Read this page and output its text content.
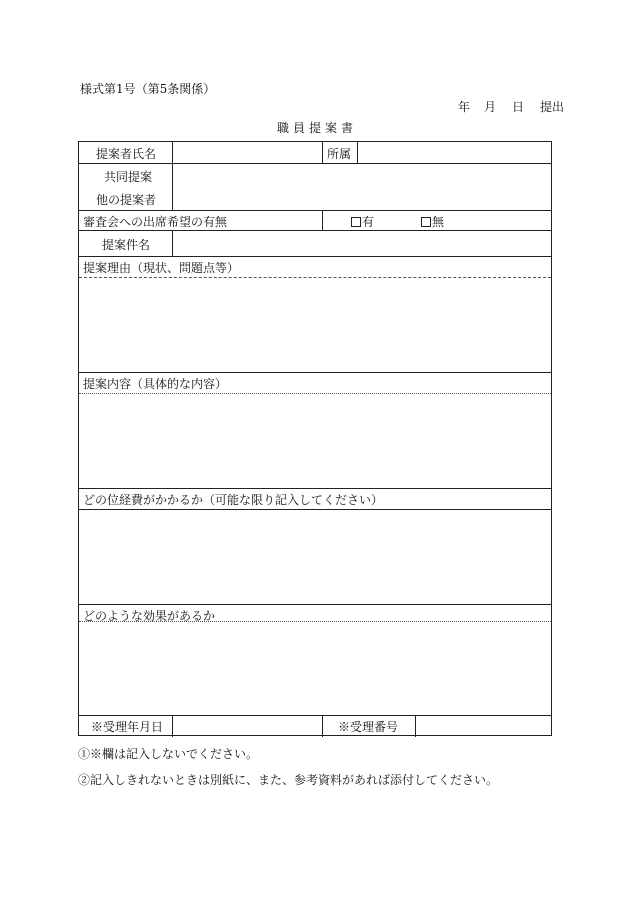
様式第1号（第5条関係）
年 月 日 提出
職 員 提 案 書
提案者氏名	所属
共同提案
他の提案者
審査会への出席希望の有無	有	無
提案件名
提案理由（現状、問題点等）
提案内容（具体的な内容）
どの位経費がかかるか（可能な限り記入してください）
どのような効果があるか
※受理年月日	※受理番号
①※欄は記入しないでください。
②記入しきれないときは別紙に、また、参考資料があれば添付してください。
